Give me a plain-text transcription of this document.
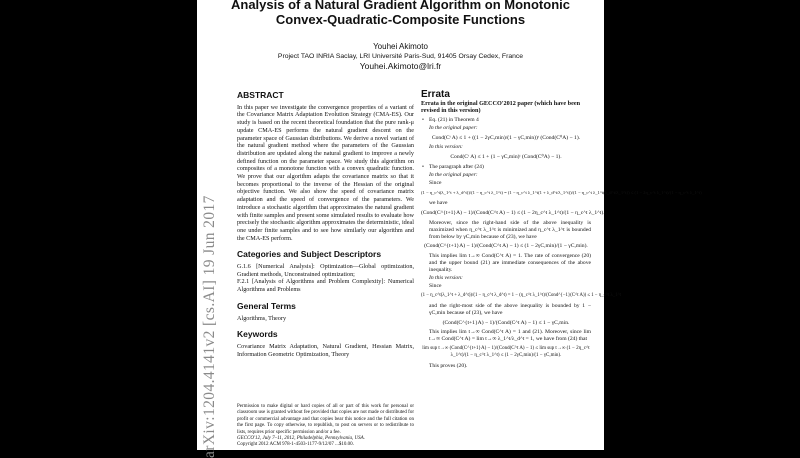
arXiv:1204.4141v2 [cs.AI] 19 Jun 2017
Analysis of a Natural Gradient Algorithm on Monotonic
Convex-Quadratic-Composite Functions
Youhei Akimoto
Project TAO INRIA Saclay, LRI Université Paris-Sud, 91405 Orsay Cedex, France
Youhei.Akimoto@lri.fr
ABSTRACT

In this paper we investigate the convergence properties of a variant of the Covariance Matrix Adaptation Evolution Strategy (CMA-ES). Our study is based on the recent theoretical foundation that the pure rank-μ update CMA-ES performs the natural gradient descent on the parameter space of Gaussian distributions. We derive a novel variant of the natural gradient method where the parameters of the Gaussian distribution are updated along the natural gradient to improve a newly defined function on the parameter space. We study this algorithm on composites of a monotone function with a convex quadratic function. We prove that our algorithm adapts the covariance matrix so that it becomes proportional to the inverse of the Hessian of the original objective function. We also show the speed of covariance matrix adaptation and the speed of convergence of the parameters. We introduce a stochastic algorithm that approximates the natural gradient with finite samples and present some simulated results to evaluate how precisely the stochastic algorithm approximates the deterministic, ideal one under finite samples and to see how similarly our algorithm and the CMA-ES perform.

Categories and Subject Descriptors

G.1.6 [Numerical Analysis]: Optimization—Global optimization, Gradient methods, Unconstrained optimization;

F.2.1 [Analysis of Algorithms and Problem Complexity]: Numerical Algorithms and Problems

General Terms

Algorithms, Theory

Keywords

Covariance Matrix Adaptation, Natural Gradient, Hessian Matrix, Information Geometric Optimization, Theory

Permission to make digital or hard copies of all or part of this work for personal or classroom use is granted without fee provided that copies are not made or distributed for profit or commercial advantage and that copies bear this notice and the full citation on the first page. To copy otherwise, to republish, to post on servers or to redistribute to lists, requires prior specific permission and/or a fee.
GECCO'12, July 7–11, 2012, Philadelphia, Pennsylvania, USA.
Copyright 2012 ACM 978-1-4503-1177-9/12/07 ...$10.00.
Errata
Errata in the original GECCO'2012 paper (which have been revised in this version)
• Eq. (21) in Theorem 4
In the original paper:
Cond(Cᵗ A) ≤ 1 + ((1 − 2γC,min)/(1 − γC,min))ᵗ (Cond(C⁰A) − 1).
In this version:
Cond(Cᵗ A) ≤ 1 + (1 − γC,min)ᵗ (Cond(C⁰A) − 1).
• The paragraph after (24)
In the original paper:
Since
(1 − η_c^t(λ_1^t + λ_d^t))/(1 − η_c^t λ_1^t) = (1 − η_c^t λ_1^t(1 + λ_d^t/λ_1^t))/(1 − η_c^t λ_1^t(λ_d^t/λ_1^t)) ≤ (1 − 2η_c^t λ_1^t)/(1 − η_c^t λ_1^t)
we have
(Cond(C^{t+1}A) − 1)/(Cond(C^t A) − 1) ≤ (1 − 2η_c^t λ_1^t)/(1 − η_c^t λ_1^t).
Moreover, since the right-hand side of the above inequality is maximized when η_c^t λ_1^t is minimized and η_c^t λ_1^t is bounded from below by γC,min because of (23), we have
(Cond(C^{t+1}A) − 1)/(Cond(C^t A) − 1) ≤ (1 − 2γC,min)/(1 − γC,min).
This implies lim t→∞ Cond(C^t A) = 1. The rate of convergence (20) and the upper bound (21) are immediate consequences of the above inequality.
In this version:
Since
(1 − η_c^t(λ_1^t + λ_d^t))/(1 − η_c^t λ_d^t) = 1 − (η_c^t λ_1^t)/(Cond^{−1}(C^t A)) ≤ 1 − η_c^t λ_1^t
and the right-most side of the above inequality is bounded by 1 − γC,min because of (23), we have
(Cond(C^{t+1}A) − 1)/(Cond(C^t A) − 1) ≤ 1 − γC,min.
This implies lim t→∞ Cond(C^t A) = 1 and (21). Moreover, since lim t→∞ Cond(C^t A) = lim t→∞ λ_1^t/λ_d^t = 1, we have from (24) that
lim sup t→∞ (Cond(C^{t+1}A) − 1)/(Cond(C^t A) − 1) ≤ lim sup t→∞ (1 − 2η_c^t λ_1^t)/(1 − η_c^t λ_1^t) ≤ (1 − 2γC,min)/(1 − γC,min).
This proves (20).
